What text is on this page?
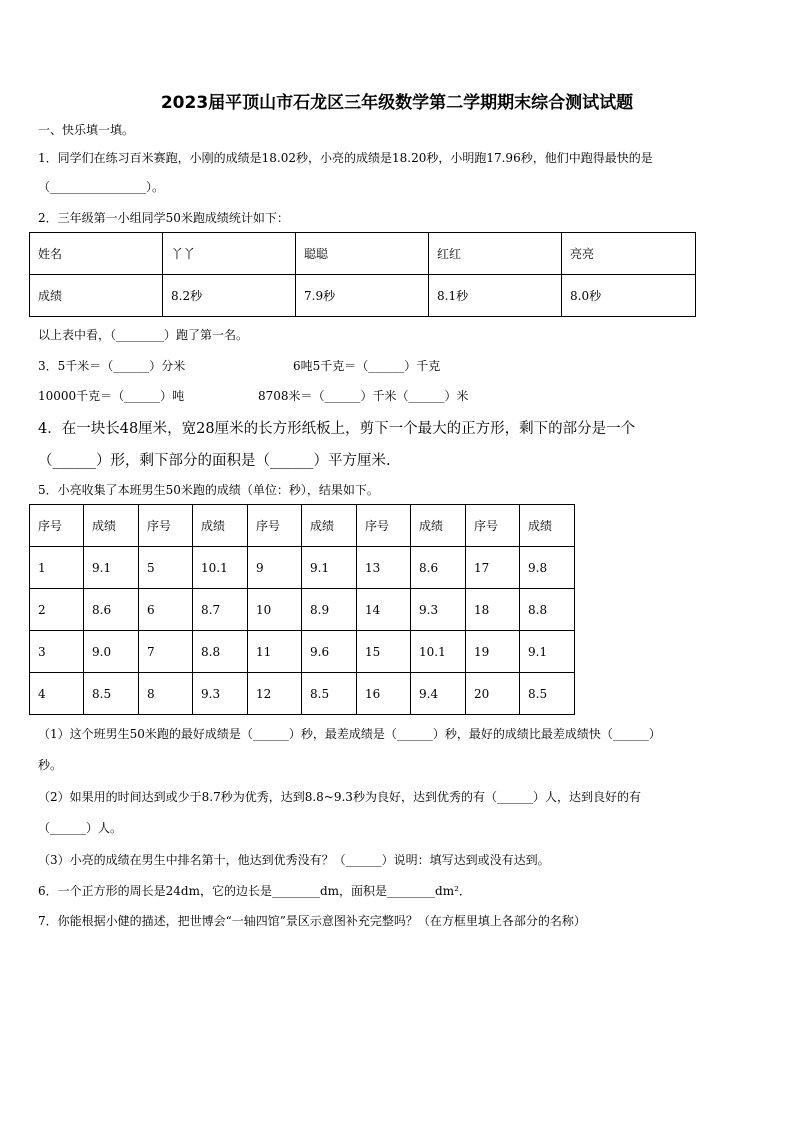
2023届平顶山市石龙区三年级数学第二学期期末综合测试试题
一、快乐填一填。
1．同学们在练习百米赛跑，小刚的成绩是18.02秒，小亮的成绩是18.20秒，小明跑17.96秒，他们中跑得最快的是
（________________）。
2．三年级第一小组同学50米跑成绩统计如下：
姓名	丫丫	聪聪	红红	亮亮
成绩	8.2秒	7.9秒	8.1秒	8.0秒
以上表中看，（________）跑了第一名。
3．5千米＝（______）分米	6吨5千克＝（______）千克
10000千克＝（______）吨	8708米＝（______）千米（______）米
4．在一块长48厘米，宽28厘米的长方形纸板上，剪下一个最大的正方形，剩下的部分是一个
（______）形，剩下部分的面积是（______）平方厘米.
5．小亮收集了本班男生50米跑的成绩（单位：秒），结果如下。
序号	成绩	序号	成绩	序号	成绩	序号	成绩	序号	成绩
1	9.1	5	10.1	9	9.1	13	8.6	17	9.8
2	8.6	6	8.7	10	8.9	14	9.3	18	8.8
3	9.0	7	8.8	11	9.6	15	10.1	19	9.1
4	8.5	8	9.3	12	8.5	16	9.4	20	8.5
（1）这个班男生50米跑的最好成绩是（______）秒，最差成绩是（______）秒，最好的成绩比最差成绩快（______）
秒。
（2）如果用的时间达到或少于8.7秒为优秀，达到8.8~9.3秒为良好，达到优秀的有（______）人，达到良好的有
（______）人。
（3）小亮的成绩在男生中排名第十，他达到优秀没有？（______）说明：填写达到或没有达到。
6．一个正方形的周长是24dm，它的边长是________dm，面积是________dm²．
7．你能根据小健的描述，把世博会“一轴四馆”景区示意图补充完整吗？（在方框里填上各部分的名称）
